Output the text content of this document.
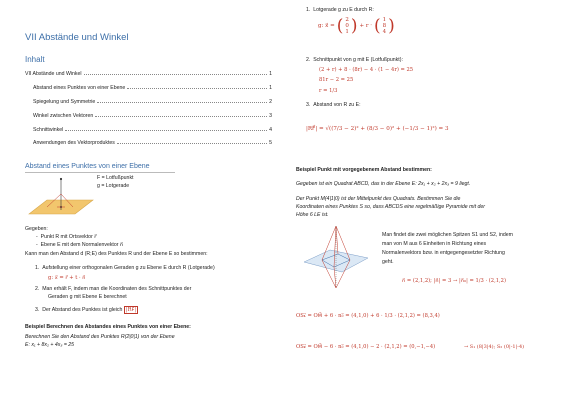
VII Abstände und Winkel
Inhalt
VII Abstände und Winkel	1
Abstand eines Punktes von einer Ebene	1
Spiegelung und Symmetrie	2
Winkel zwischen Vektoren	3
Schnittwinkel	4
Anwendungen des Vektorproduktes	5
Abstand eines Punktes von einer Ebene
F = Lotfußpunkt
g = Lotgerade
Gegeben:
-  Punkt R mit Ortsvektor r⃗
-  Ebene E mit dem Normalenvektor n⃗
Kann man den Abstand d (R;E) des Punktes R und der Ebene E so bestimmen:
1.  Aufstellung einer orthogonalen Geraden g zu Ebene E durch R (Lotgerade)
g: x⃗ = r⃗ + t · n⃗
2.  Man erhält F, indem man die Koordinaten des Schnittpunktes der
Geraden g mit Ebene E berechnet
3.  Der Abstand des Punktes ist gleich |RF⃗|
Beispiel Berechnen des Abstandes eines Punktes von einer Ebene:
Berechnen Sie den Abstand des Punktes R(2|0|1) von der Ebene
E: x₁ + 8x₂ + 4x₃ = 25
1.  Lotgerade g zu E durch R:
g: x⃗ = ( 2
0
1 ) + r · ( 1
8
4 )
2.  Schnittpunkt von g mit E (Lotfußpunkt):
(2 + r) + 8 · (8r) − 4 · (1 − 4r) = 25
81r − 2 = 25
r = 1/3
3.  Abstand von R zu E:
|RF⃗| = √((7/3 − 2)² + (8/3 − 0)² + (−1/3 − 1)²) = 3
Beispiel Punkt mit vorgegebenem Abstand bestimmen:
Gegeben ist ein Quadrat ABCD, das in der Ebene E: 2x₁ + x₂ + 2x₃ = 9 liegt.
Der Punkt M(4|1|0) ist der Mittelpunkt des Quadrats. Bestimmen Sie die
Koordinaten eines Punktes S so, dass ABCDS eine regelmäßige Pyramide mit der
Höhe 6 LE ist.
Man findet die zwei möglichen Spitzen S1 und S2, indem
man von M aus 6 Einheiten in Richtung eines
Normalenvektors bzw. in entgegengesetzter Richtung
geht.
n⃗ = (2,1,2); |n⃗| = 3 → |n⃗₀| = 1/3 · (2,1,2)
OS₁⃗ = OM⃗ + 6 · n₀⃗ = (4,1,0) + 6 · 1/3 · (2,1,2) = (8,3,4)
OS₂⃗ = OM⃗ − 6 · n₀⃗ = (4,1,0) − 2 · (2,1,2) = (0,−1,−4)	→ S₁ (8|3|4); S₂ (0|-1|-4)
